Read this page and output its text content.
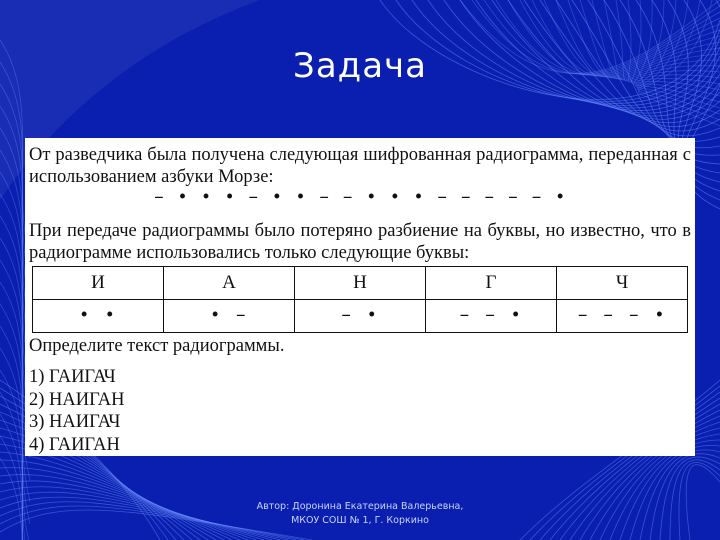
Задача
От разведчика была получена следующая шифрованная радиограмма, переданная с использованием азбуки Морзе:
– • • • – • • – – • • • – – – – – •
При передаче радиограммы было потеряно разбиение на буквы, но известно, что в радиограмме использовались только следующие буквы:
И	А	Н	Г	Ч
• •	• –	– •	– – •	– – – •
Определите текст радиограммы.
1) ГАИГАЧ
2) НАИГАН
3) НАИГАЧ
4) ГАИГАН
Автор: Доронина Екатерина Валерьевна,
МКОУ СОШ № 1, Г. Коркино
